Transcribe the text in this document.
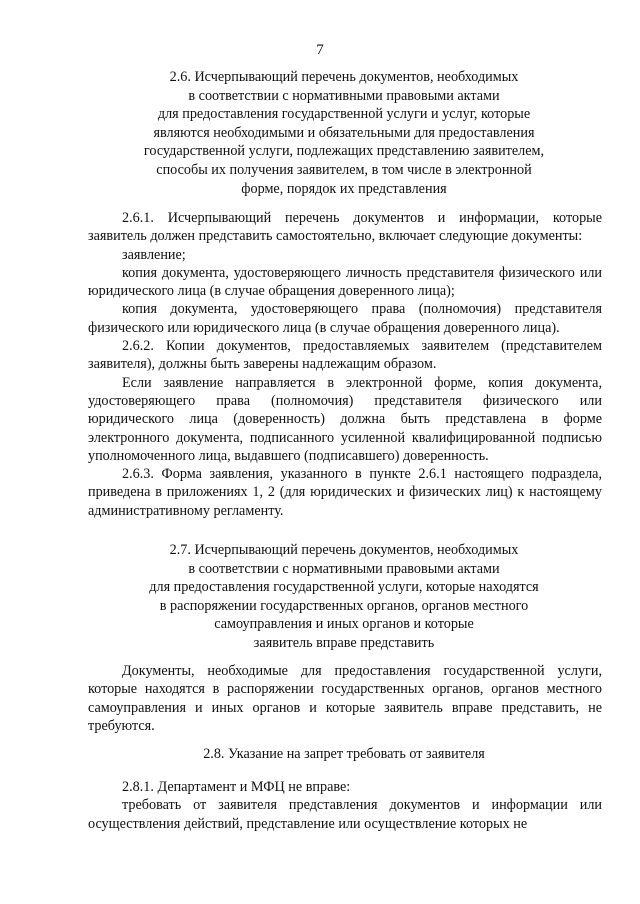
7
2.6. Исчерпывающий перечень документов, необходимых
в соответствии с нормативными правовыми актами
для предоставления государственной услуги и услуг, которые
являются необходимыми и обязательными для предоставления
государственной услуги, подлежащих представлению заявителем,
способы их получения заявителем, в том числе в электронной
форме, порядок их представления

2.6.1. Исчерпывающий перечень документов и информации, которые заявитель должен представить самостоятельно, включает следующие документы:

заявление;

копия документа, удостоверяющего личность представителя физического или юридического лица (в случае обращения доверенного лица);

копия документа, удостоверяющего права (полномочия) представителя физического или юридического лица (в случае обращения доверенного лица).

2.6.2. Копии документов, предоставляемых заявителем (представителем заявителя), должны быть заверены надлежащим образом.

Если заявление направляется в электронной форме, копия документа, удостоверяющего права (полномочия) представителя физического или юридического лица (доверенность) должна быть представлена в форме электронного документа, подписанного усиленной квалифицированной подписью уполномоченного лица, выдавшего (подписавшего) доверенность.

2.6.3. Форма заявления, указанного в пункте 2.6.1 настоящего подраздела, приведена в приложениях 1, 2 (для юридических и физических лиц) к настоящему административному регламенту.

2.7. Исчерпывающий перечень документов, необходимых
в соответствии с нормативными правовыми актами
для предоставления государственной услуги, которые находятся
в распоряжении государственных органов, органов местного
самоуправления и иных органов и которые
заявитель вправе представить

Документы, необходимые для предоставления государственной услуги, которые находятся в распоряжении государственных органов, органов местного самоуправления и иных органов и которые заявитель вправе представить, не требуются.

2.8. Указание на запрет требовать от заявителя

2.8.1. Департамент и МФЦ не вправе:

требовать от заявителя представления документов и информации или осуществления действий, представление или осуществление которых не
